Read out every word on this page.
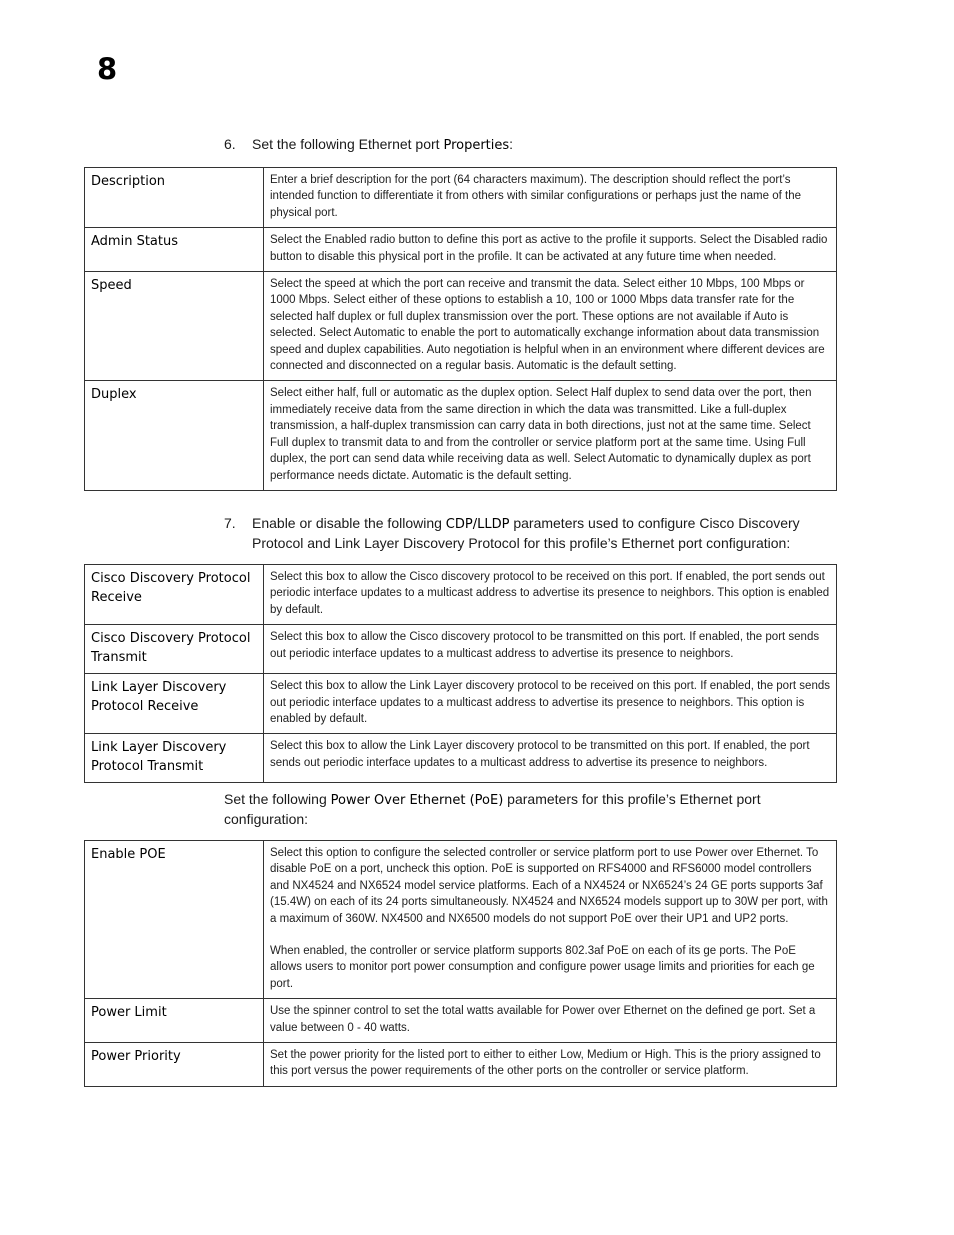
8
6. Set the following Ethernet port Properties:
Description	Enter a brief description for the port (64 characters maximum). The description should reflect the port’s intended function to differentiate it from others with similar configurations or perhaps just the name of the physical port.

Admin Status	Select the Enabled radio button to define this port as active to the profile it supports. Select the Disabled radio button to disable this physical port in the profile. It can be activated at any future time when needed.

Speed	Select the speed at which the port can receive and transmit the data. Select either 10 Mbps, 100 Mbps or 1000 Mbps. Select either of these options to establish a 10, 100 or 1000 Mbps data transfer rate for the selected half duplex or full duplex transmission over the port. These options are not available if Auto is selected. Select Automatic to enable the port to automatically exchange information about data transmission speed and duplex capabilities. Auto negotiation is helpful when in an environment where different devices are connected and disconnected on a regular basis. Automatic is the default setting.

Duplex	Select either half, full or automatic as the duplex option. Select Half duplex to send data over the port, then immediately receive data from the same direction in which the data was transmitted. Like a full-duplex transmission, a half-duplex transmission can carry data in both directions, just not at the same time. Select Full duplex to transmit data to and from the controller or service platform port at the same time. Using Full duplex, the port can send data while receiving data as well. Select Automatic to dynamically duplex as port performance needs dictate. Automatic is the default setting.

7. Enable or disable the following CDP/LLDP parameters used to configure Cisco Discovery Protocol and Link Layer Discovery Protocol for this profile’s Ethernet port configuration:
Cisco Discovery Protocol Receive	Select this box to allow the Cisco discovery protocol to be received on this port. If enabled, the port sends out periodic interface updates to a multicast address to advertise its presence to neighbors. This option is enabled by default.

Cisco Discovery Protocol Transmit	Select this box to allow the Cisco discovery protocol to be transmitted on this port. If enabled, the port sends out periodic interface updates to a multicast address to advertise its presence to neighbors.

Link Layer Discovery Protocol Receive	Select this box to allow the Link Layer discovery protocol to be received on this port. If enabled, the port sends out periodic interface updates to a multicast address to advertise its presence to neighbors. This option is enabled by default.

Link Layer Discovery Protocol Transmit	Select this box to allow the Link Layer discovery protocol to be transmitted on this port. If enabled, the port sends out periodic interface updates to a multicast address to advertise its presence to neighbors.

Set the following Power Over Ethernet (PoE) parameters for this profile’s Ethernet port configuration:
Enable POE	Select this option to configure the selected controller or service platform port to use Power over Ethernet. To disable PoE on a port, uncheck this option. PoE is supported on RFS4000 and RFS6000 model controllers and NX4524 and NX6524 model service platforms. Each of a NX4524 or NX6524’s 24 GE ports supports 3af (15.4W) on each of its 24 ports simultaneously. NX4524 and NX6524 models support up to 30W per port, with a maximum of 360W. NX4500 and NX6500 models do not support PoE over their UP1 and UP2 ports.

When enabled, the controller or service platform supports 802.3af PoE on each of its ge ports. The PoE allows users to monitor port power consumption and configure power usage limits and priorities for each ge port.

Power Limit	Use the spinner control to set the total watts available for Power over Ethernet on the defined ge port. Set a value between 0 - 40 watts.

Power Priority	Set the power priority for the listed port to either to either Low, Medium or High. This is the priory assigned to this port versus the power requirements of the other ports on the controller or service platform.
